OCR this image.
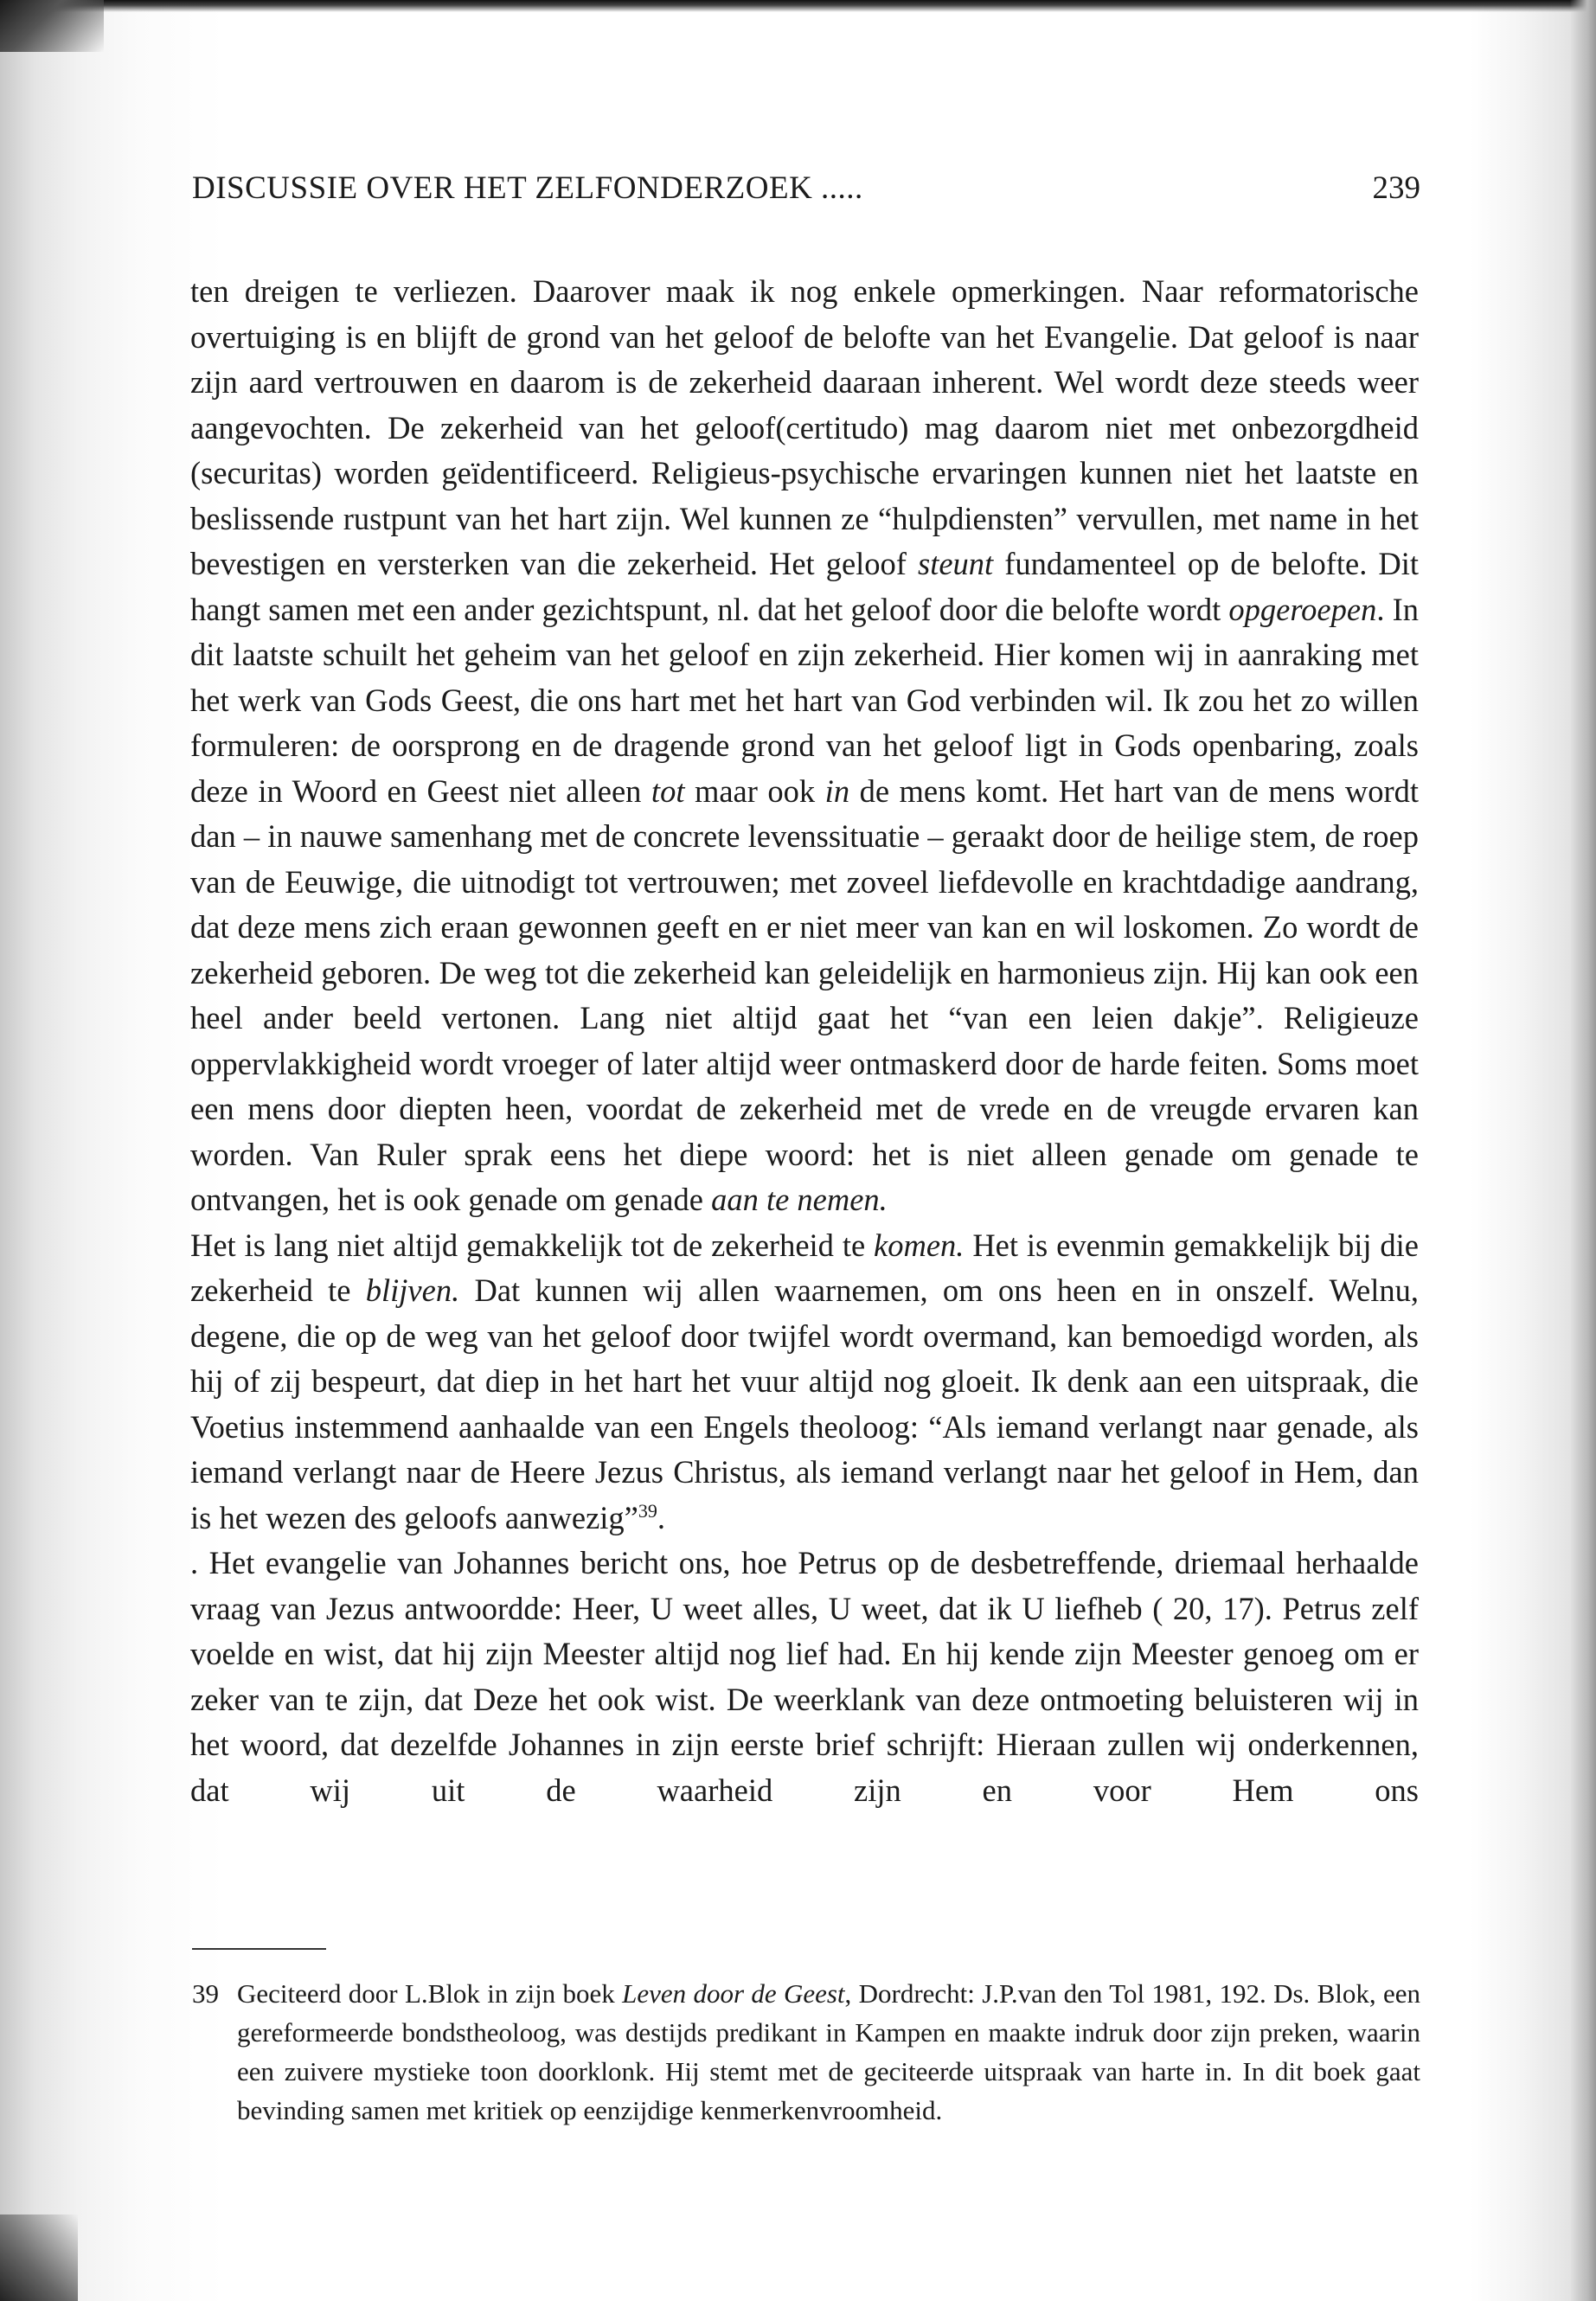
DISCUSSIE OVER HET ZELFONDERZOEK .....	239

ten dreigen te verliezen. Daarover maak ik nog enkele opmerkingen. Naar reformatorische overtuiging is en blijft de grond van het geloof de belofte van het Evangelie. Dat geloof is naar zijn aard vertrouwen en daarom is de zekerheid daaraan inherent. Wel wordt deze steeds weer aangevochten. De zekerheid van het geloof(certitudo) mag daarom niet met onbezorgdheid (securitas) worden geïdentificeerd. Religieus-psychische ervaringen kunnen niet het laatste en beslissende rustpunt van het hart zijn. Wel kunnen ze “hulpdiensten” vervullen, met name in het bevestigen en versterken van die zekerheid. Het geloof steunt fundamenteel op de belofte. Dit hangt samen met een ander gezichtspunt, nl. dat het geloof door die belofte wordt opgeroepen. In dit laatste schuilt het geheim van het geloof en zijn zekerheid. Hier komen wij in aanraking met het werk van Gods Geest, die ons hart met het hart van God verbinden wil. Ik zou het zo willen formuleren: de oorsprong en de dragende grond van het geloof ligt in Gods openbaring, zoals deze in Woord en Geest niet alleen tot maar ook in de mens komt. Het hart van de mens wordt dan – in nauwe samenhang met de concrete levenssituatie – geraakt door de heilige stem, de roep van de Eeuwige, die uitnodigt tot vertrouwen; met zoveel liefdevolle en krachtdadige aandrang, dat deze mens zich eraan gewonnen geeft en er niet meer van kan en wil loskomen. Zo wordt de zekerheid geboren. De weg tot die zekerheid kan geleidelijk en harmonieus zijn. Hij kan ook een heel ander beeld vertonen. Lang niet altijd gaat het “van een leien dakje”. Religieuze oppervlakkigheid wordt vroeger of later altijd weer ontmaskerd door de harde feiten. Soms moet een mens door diepten heen, voordat de zekerheid met de vrede en de vreugde ervaren kan worden. Van Ruler sprak eens het diepe woord: het is niet alleen genade om genade te ontvangen, het is ook genade om genade aan te nemen.

Het is lang niet altijd gemakkelijk tot de zekerheid te komen. Het is evenmin gemakkelijk bij die zekerheid te blijven. Dat kunnen wij allen waarnemen, om ons heen en in onszelf. Welnu, degene, die op de weg van het geloof door twijfel wordt overmand, kan bemoedigd worden, als hij of zij bespeurt, dat diep in het hart het vuur altijd nog gloeit. Ik denk aan een uitspraak, die Voetius instemmend aanhaalde van een Engels theoloog: “Als iemand verlangt naar genade, als iemand verlangt naar de Heere Jezus Christus, als iemand verlangt naar het geloof in Hem, dan is het wezen des geloofs aanwezig”$^{39}$.

. Het evangelie van Johannes bericht ons, hoe Petrus op de desbetreffende, driemaal herhaalde vraag van Jezus antwoordde: Heer, U weet alles, U weet, dat ik U liefheb ( 20, 17). Petrus zelf voelde en wist, dat hij zijn Meester altijd nog lief had. En hij kende zijn Meester genoeg om er zeker van te zijn, dat Deze het ook wist. De weerklank van deze ontmoeting beluisteren wij in het woord, dat dezelfde Johannes in zijn eerste brief schrijft: Hieraan zullen wij onderkennen, dat wij uit de waarheid zijn en voor Hem ons

39 Geciteerd door L.Blok in zijn boek Leven door de Geest, Dordrecht: J.P.van den Tol 1981, 192. Ds. Blok, een gereformeerde bondstheoloog, was destijds predikant in Kampen en maakte indruk door zijn preken, waarin een zuivere mystieke toon doorklonk. Hij stemt met de geciteerde uitspraak van harte in. In dit boek gaat bevinding samen met kritiek op eenzijdige kenmerkenvroomheid.
